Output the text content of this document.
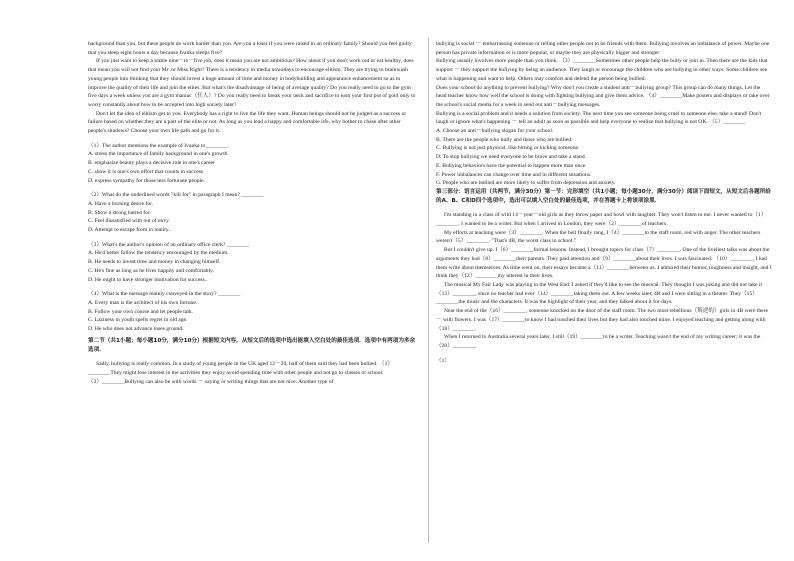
background than you, but these people do work harder than you. Are you a loser if you were raised in an ordinary family? Should you feel guilty that you sleep eight hours a day because Ivanka sleeps five?

If you just want to keep a stable nine－to－five job, does it mean you are not ambitious? How about if you don't work out or eat healthy, does that mean you will not find your Mr. or Miss Right? There is a tendency in media nowadays to encourage elitism. They are trying to brainwash young people into thinking that they should invest a huge amount of time and money in bodybuilding and appearance enhancement so as to improve the quality of their life and join the elites. But what's the disadvantage of being of average quality? Do you really need to go to the gym five days a week unless you are a gym maniac（狂人）? Do you really need to break your neck and sacrifice to earn your first pot of gold only to worry constantly about how to be accepted into high society later?

Don't let the idea of elitism get to you. Everybody has a right to live the life they want. Human beings should not be judged as a success or failure based on whether they are a part of the elite or not. As long as you lead a happy and comfortable life, why bother to chase after other people's shadows? Choose your own life path and go for it.

（1）The author mentions the example of Ivanka to________.

A. stress the importance of family background in one's growth

B. emphasize beauty plays a decisive role in one's career

C. show it is one's own effort that counts in success

D. express sympathy for those less fortunate people.

（2）What do the underlined words "kill for" in paragraph I mean? ________

A. Have a burning desire for.

B. Show a strong hatred for.

C. Feel dissatisfied with out of envy.

D. Attempt to escape from in reality..

（3）What's the author's opinion of an ordinary office clerk? ________

A. He'd better follow the tendency encouraged by the medium.

B. He needs to invest time and money in changing himself.

C. He's fine as long as he lives happily and comfortably.

D. He ought to have stronger motivation for success..

（4）What is the message mainly conveyed in the story? ________

A. Every man is the architect of his own fortune.

B. Follow your own course and let people talk.

C. Laziness in youth spells regret in old age.

D. He who does not advance loses ground.

第二节（共1小题；每小题10分，满分10分）根据短文内容，从短文后的选项中选出能填入空白处的最佳选项．选项中有两项为多余选项．

Sadly, bullying is really common. In a study of young people in the UK aged 12－20, half of them said they had been bullied. （1）________They might lose interest in the activities they enjoy avoid spending time with other people and not go to classes or school.

（2）________Bullying can also be with words － saying or writing things that are not nice. Another type of

bullying is social － embarrassing someone or telling other people not to be friends with them. Bullying involves an imbalance of power. Maybe one person has private information or is more popular, or maybe they are physically bigger and stronger.

Bullying usually involves more people than you think. （3）________Sometimes other people help the bully or join in. Then there are the kids that support － they support the bullying by being an audience. They laugh or encourage the children who are bullying in other ways. Some children see what is happening and want to help. Others may comfort and defend the person being bullied.

Does your school do anything to prevent bullying? Why don't you create a student anti－bullying group? This group can do many things. Let the head teacher know how well the school is doing with fighting bullying and give them advice. （4）________Make posters and displays or take over the school's social media for a week to send out anti－bullying messages.

Bullying is a social problem and it needs a solution from society. The next time you see someone being cruel to someone else, take a stand! Don't laugh or ignore what's happening － tell an adult as soon as possible and help everyone to realize that bullying is not OK. （5）________

A. Choose an anti－bullying slogan for your school.

B. There are the people who bully and those who are bullied.

C. Bullying is not just physical, like hitting or kicking someone.

D. To stop bullying we need everyone to be brave and take a stand.

E. Bullying behaviors have the potential to happen more than once.

F. Power imbalances can change over time and in different situations.

G. People who are bullied are more likely to suffer from depression and anxiety.

第三部分：语言运用（共两节，满分30分）第一节：完形填空（共1小题；每小题30分，满分30分）阅读下面短文，从短文后各题所给的A、B、C和D四个选项中，选出可以填入空白处的最佳选项，并在答题卡上将该项涂黑．

I'm standing in a class of wild 14－year－old girls as they throw paper and howl with laughter. They won't listen to me. I never wanted to（1）________. I wanted to be a writer. But when I arrived in London, they were（2）________of teachers.

My efforts at teaching were（3）________. When the bell finally rang, I（4）________to the staff room, red with anger. The other teachers weren't（5）________. "That's 4B, the worst class in school."

But I couldn't give up. I（6）________formal lessons. Instead, I brought topics for class（7）________. One of the liveliest talks was about the arguments they had（8）________their parents. They paid attention and（9）________about their lives. I was fascinated. （10）________, I had them write about themselves. As time went on, their essays became a（11）________between us. I admired their humor, toughness and insight, and I think they（12）________my interest in their lives.

The musical My Fair Lady was playing in the West End. I asked if they'd like to see the musical. They thought I was joking and did not take it（13）________, since no teacher had ever（14）________taking them out. A few weeks later, 4B and I were sitting in a theater. They（15）________the music and the characters. It was the highlight of their year, and they talked about it for days.

Near the end of the（16）________, someone knocked on the door of the staff room. The two most rebellious（叛逆的）girls in 4B were there － with flowers. I was（17）________to know I had touched their lives but they had also touched mine. I enjoyed teaching and getting along with（18）________.

When I returned to Australia several years later, I still（19）________to be a writer. Teaching wasn't the end of my writing career; it was the（20）________.

（1）
